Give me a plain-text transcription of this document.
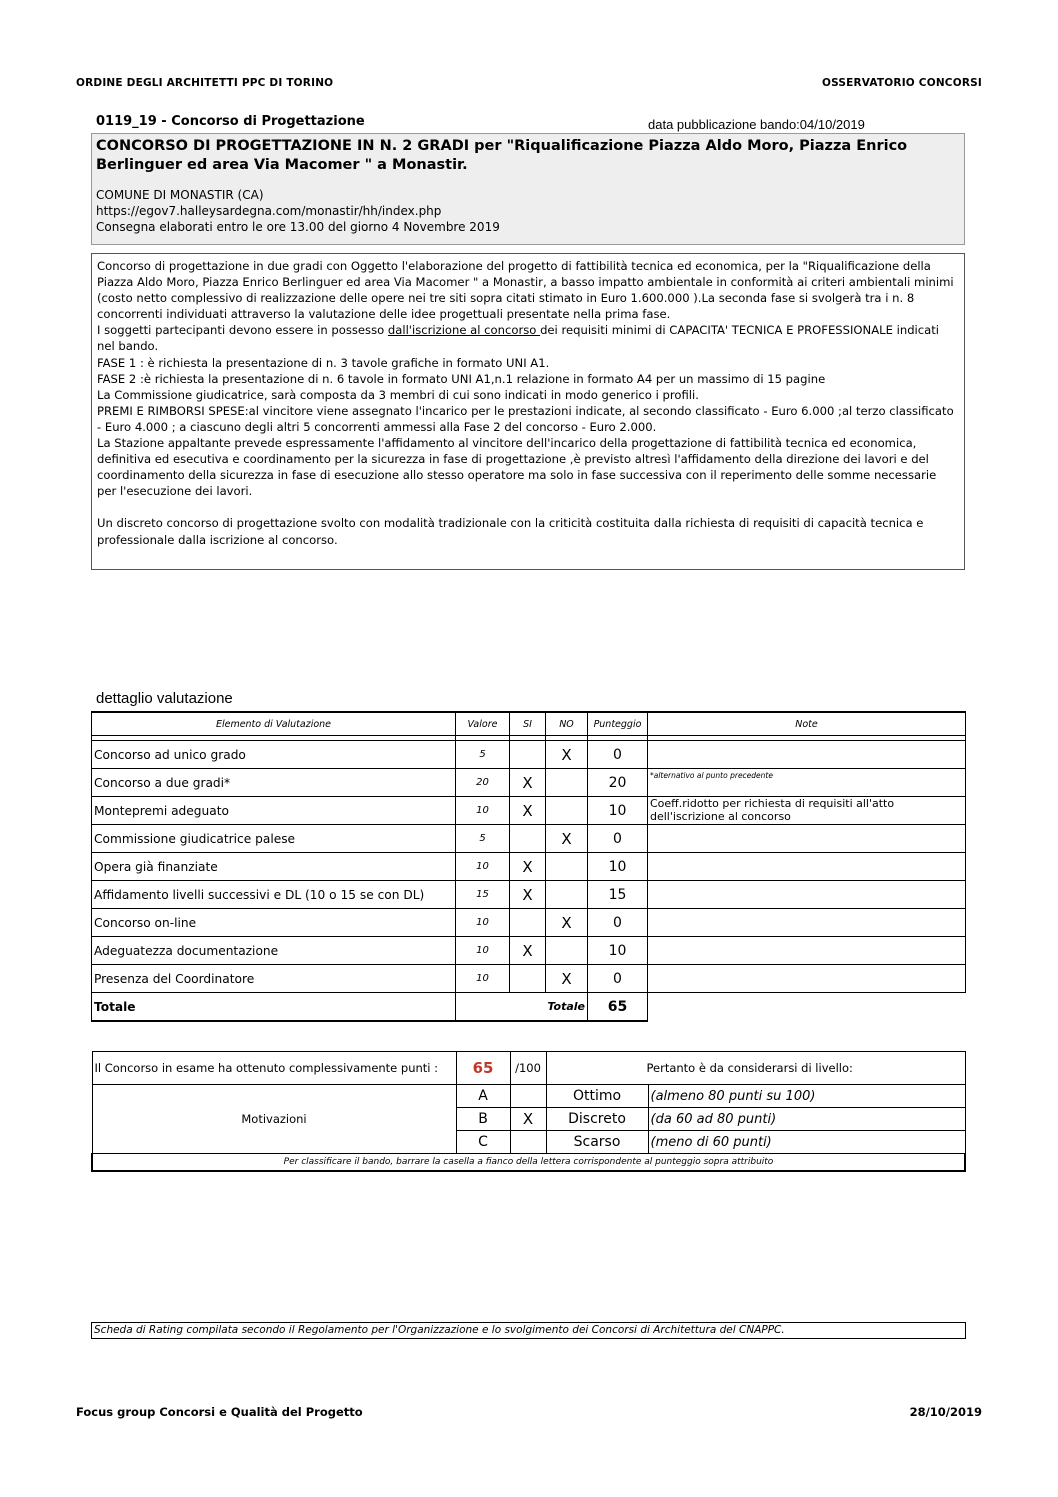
ORDINE DEGLI ARCHITETTI PPC DI TORINO	OSSERVATORIO CONCORSI
0119_19 - Concorso di Progettazione	data pubblicazione bando:04/10/2019
CONCORSO DI PROGETTAZIONE IN N. 2 GRADI per "Riqualificazione Piazza Aldo Moro, Piazza Enrico Berlinguer ed area Via Macomer " a Monastir.
COMUNE DI MONASTIR (CA)
https://egov7.halleysardegna.com/monastir/hh/index.php
Consegna elaborati entro le ore 13.00 del giorno 4 Novembre 2019

Concorso di progettazione in due gradi con Oggetto l'elaborazione del progetto di fattibilità tecnica ed economica, per la "Riqualificazione della Piazza Aldo Moro, Piazza Enrico Berlinguer ed area Via Macomer " a Monastir, a basso impatto ambientale in conformità ai criteri ambientali minimi (costo netto complessivo di realizzazione delle opere nei tre siti sopra citati stimato in Euro 1.600.000 ).La seconda fase si svolgerà tra i n. 8 concorrenti individuati attraverso la valutazione delle idee progettuali presentate nella prima fase.

I soggetti partecipanti devono essere in possesso dall'iscrizione al concorso dei requisiti minimi di CAPACITA' TECNICA E PROFESSIONALE indicati nel bando.

FASE 1 : è richiesta la presentazione di n. 3 tavole grafiche in formato UNI A1.

FASE 2 :è richiesta la presentazione di n. 6 tavole in formato UNI A1,n.1 relazione in formato A4 per un massimo di 15 pagine

La Commissione giudicatrice, sarà composta da 3 membri di cui sono indicati in modo generico i profili.

PREMI E RIMBORSI SPESE:al vincitore viene assegnato l'incarico per le prestazioni indicate, al secondo classificato - Euro 6.000 ;al terzo classificato - Euro 4.000 ; a ciascuno degli altri 5 concorrenti ammessi alla Fase 2 del concorso - Euro 2.000.

La Stazione appaltante prevede espressamente l'affidamento al vincitore dell'incarico della progettazione di fattibilità tecnica ed economica, definitiva ed esecutiva e coordinamento per la sicurezza in fase di progettazione ,è previsto altresì l'affidamento della direzione dei lavori e del coordinamento della sicurezza in fase di esecuzione allo stesso operatore ma solo in fase successiva con il reperimento delle somme necessarie per l'esecuzione dei lavori.

Un discreto concorso di progettazione svolto con modalità tradizionale con la criticità costituita dalla richiesta di requisiti di capacità tecnica e professionale dalla iscrizione al concorso.

dettaglio valutazione
Elemento di Valutazione	Valore	SI	NO	Punteggio	Note

Concorso ad unico grado	5		X	0	
Concorso a due gradi*	20	X		20	*alternativo al punto precedente
Montepremi adeguato	10	X		10	Coeff.ridotto per richiesta di requisiti all'atto dell'iscrizione al concorso
Commissione giudicatrice palese	5		X	0	
Opera già finanziate	10	X		10	
Affidamento livelli successivi e DL (10 o 15 se con DL)	15	X		15	
Concorso on-line	10		X	0	
Adeguatezza documentazione	10	X		10	
Presenza del Coordinatore	10		X	0	
Totale	Totale			65	
Il Concorso in esame ha ottenuto complessivamente punti :	65	/100	Pertanto è da considerarsi di livello:	
Motivazioni	A		Ottimo	(almeno 80 punti su 100)
	B	X	Discreto	(da 60 ad 80 punti)
	C		Scarso	(meno di 60 punti)
Per classificare il bando, barrare la casella a fianco della lettera corrispondente al punteggio sopra attribuito				
Scheda di Rating compilata secondo il Regolamento per l'Organizzazione e lo svolgimento dei Concorsi di Architettura del CNAPPC.
Focus group Concorsi e Qualità del Progetto	28/10/2019
